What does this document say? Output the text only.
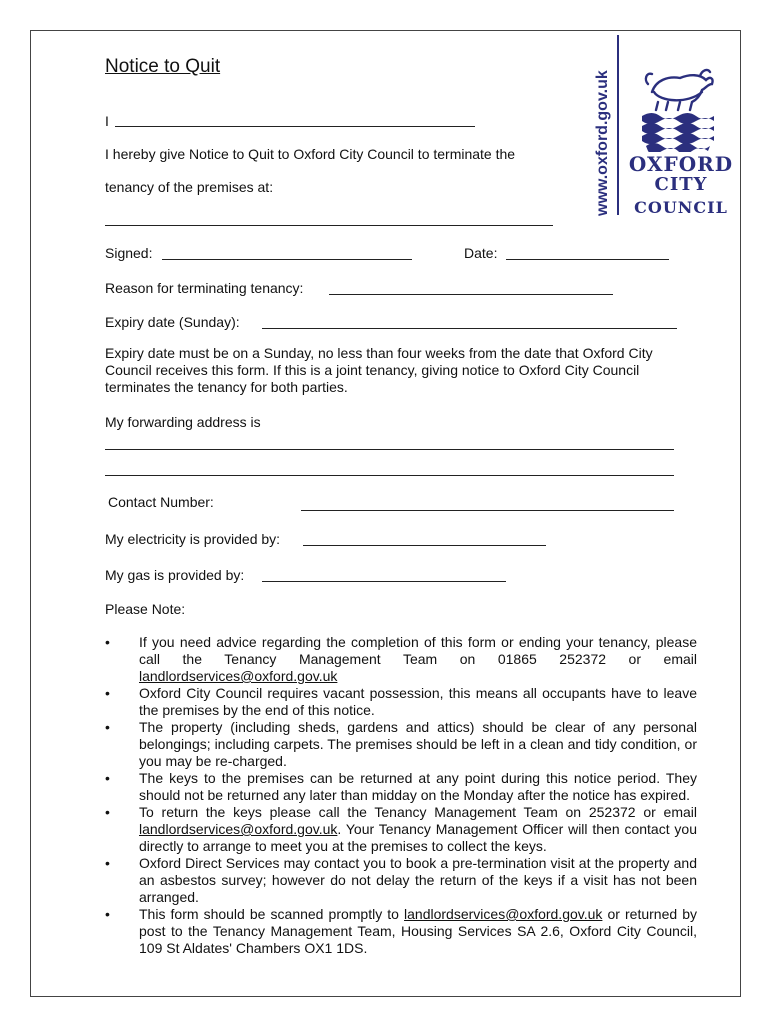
Notice to Quit
www.oxford.gov.uk OXFORD
CITY
COUNCIL
I
I hereby give Notice to Quit to Oxford City Council to terminate the
tenancy of the premises at:
Signed:	Date:
Reason for terminating tenancy:
Expiry date (Sunday):
Expiry date must be on a Sunday, no less than four weeks from the date that Oxford City Council receives this form. If this is a joint tenancy, giving notice to Oxford City Council terminates the tenancy for both parties.
My forwarding address is
Contact Number:
My electricity is provided by:
My gas is provided by:
Please Note:
• If you need advice regarding the completion of this form or ending your tenancy, please call the Tenancy Management Team on 01865 252372 or email landlordservices@oxford.gov.uk
• Oxford City Council requires vacant possession, this means all occupants have to leave the premises by the end of this notice.
• The property (including sheds, gardens and attics) should be clear of any personal belongings; including carpets. The premises should be left in a clean and tidy condition, or you may be re-charged.
• The keys to the premises can be returned at any point during this notice period. They should not be returned any later than midday on the Monday after the notice has expired.
• To return the keys please call the Tenancy Management Team on 252372 or email landlordservices@oxford.gov.uk. Your Tenancy Management Officer will then contact you directly to arrange to meet you at the premises to collect the keys.
• Oxford Direct Services may contact you to book a pre-termination visit at the property and an asbestos survey; however do not delay the return of the keys if a visit has not been arranged.
• This form should be scanned promptly to landlordservices@oxford.gov.uk or returned by post to the Tenancy Management Team, Housing Services SA 2.6, Oxford City Council, 109 St Aldates' Chambers OX1 1DS.
